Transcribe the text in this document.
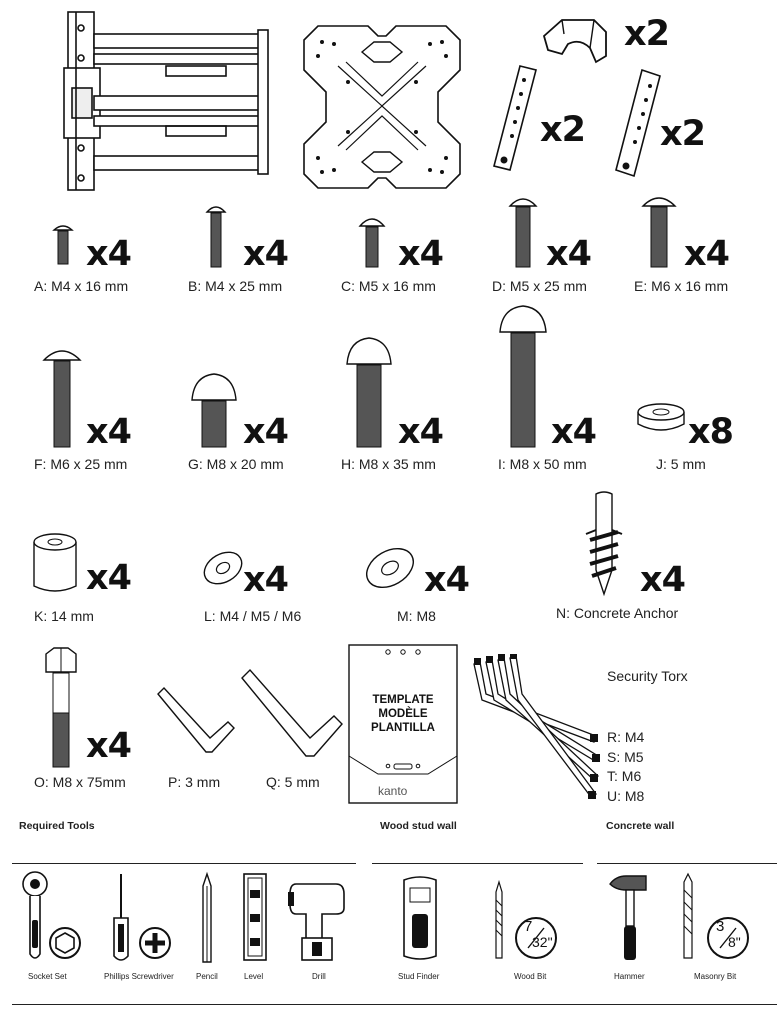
x2
x2 x2
x4
A: M4 x 16 mm
x4
B: M4 x 25 mm
x4
C: M5 x 16 mm
x4
D: M5 x 25 mm
x4
E: M6 x 16 mm
x4
F: M6 x 25 mm
x4
G: M8 x 20 mm
x4
H: M8 x 35 mm
x4
I: M8 x 50 mm
x8
J: 5 mm
x4
K: 14 mm
x4
L: M4 / M5 / M6
x4
M: M8
x4
N: Concrete Anchor
x4
O: M8 x 75mm	P: 3 mm	Q: 5 mm
TEMPLATE
MODÈLE
PLANTILLA
kanto
Security Torx
R: M4
S: M5
T: M6
U: M8
Required Tools	Wood stud wall	Concrete wall
Socket Set	Phillips Screwdriver	Pencil	Level	Drill	Stud Finder
7
32"
Wood Bit	Hammer
3
8"
Masonry Bit
